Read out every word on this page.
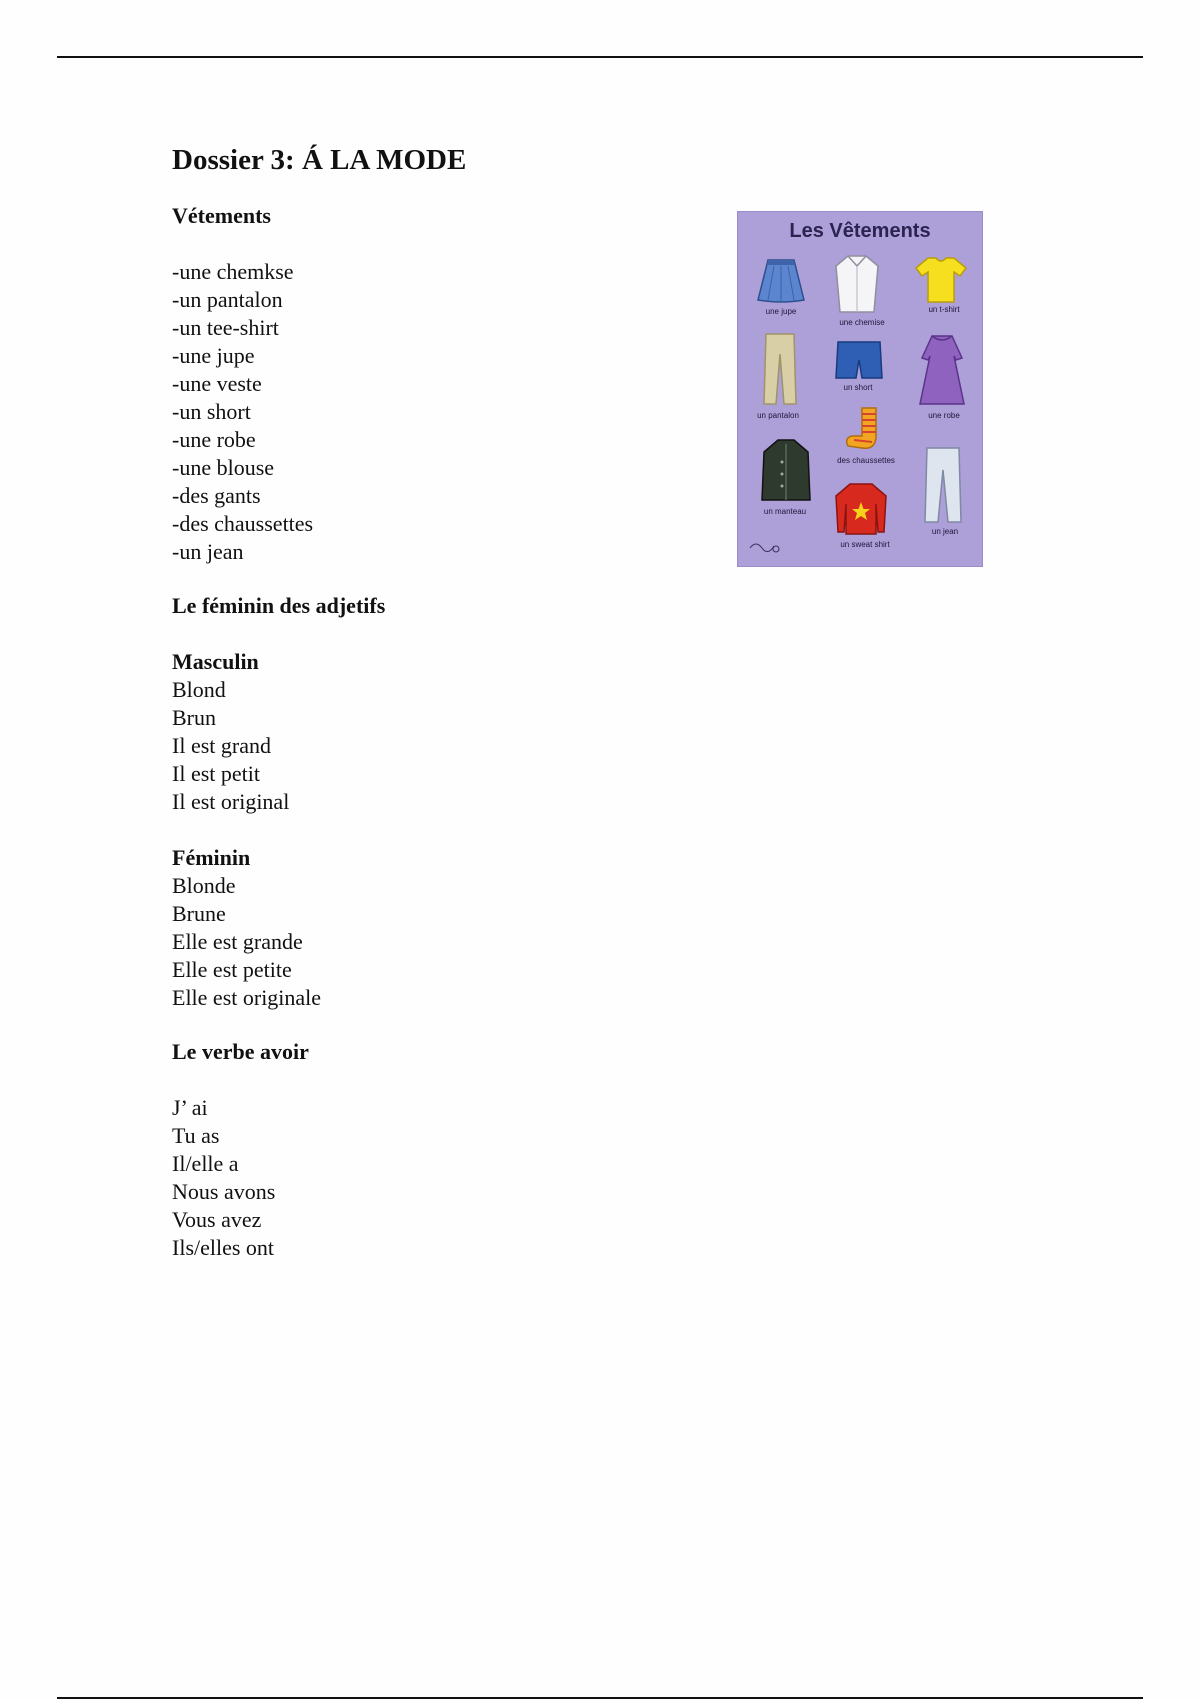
Dossier 3: Á LA MODE
Vétements
-une chemkse
-un pantalon
-un tee-shirt
-une jupe
-une veste
-un short
-une robe
-une blouse
-des gants
-des chaussettes
-un jean
Le féminin des adjetifs
Masculin
Blond
Brun
Il est grand
Il est petit
Il est original
Féminin
Blonde
Brune
Elle est grande
Elle est petite
Elle est originale
Le verbe avoir
J’ ai
Tu as
Il/elle a
Nous avons
Vous avez
Ils/elles ont
Les Vêtements
une jupe
une chemise
un t-shirt
un pantalon
un short
une robe
des chaussettes
un manteau
un sweat shirt
un jean
